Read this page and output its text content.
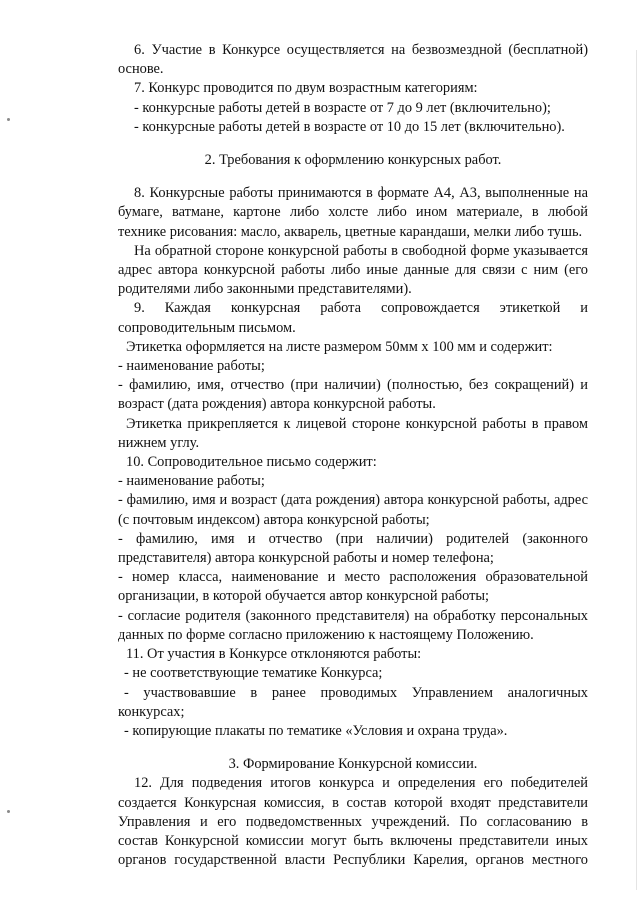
6. Участие в Конкурсе осуществляется на безвозмездной (бесплатной) основе.

7. Конкурс проводится по двум возрастным категориям:

- конкурсные работы детей в возрасте от 7 до 9 лет (включительно);

- конкурсные работы детей в возрасте от 10 до 15 лет (включительно).

2. Требования к оформлению конкурсных работ.

8. Конкурсные работы принимаются в формате А4, А3, выполненные на бумаге, ватмане, картоне либо холсте либо ином материале, в любой технике рисования: масло, акварель, цветные карандаши, мелки либо тушь.

На обратной стороне конкурсной работы в свободной форме указывается адрес автора конкурсной работы либо иные данные для связи с ним (его родителями либо законными представителями).

9. Каждая конкурсная работа сопровождается этикеткой и сопроводительным письмом.

Этикетка оформляется на листе размером 50мм х 100 мм и содержит:

- наименование работы;

- фамилию, имя, отчество (при наличии) (полностью, без сокращений) и возраст (дата рождения) автора конкурсной работы.

Этикетка прикрепляется к лицевой стороне конкурсной работы в правом нижнем углу.

10. Сопроводительное письмо содержит:

- наименование работы;

- фамилию, имя и возраст (дата рождения) автора конкурсной работы, адрес (с почтовым индексом) автора конкурсной работы;

- фамилию, имя и отчество (при наличии) родителей (законного представителя) автора конкурсной работы и номер телефона;

- номер класса, наименование и место расположения образовательной организации, в которой обучается автор конкурсной работы;

- согласие родителя (законного представителя) на обработку персональных данных по форме согласно приложению к настоящему Положению.

11. От участия в Конкурсе отклоняются работы:

- не соответствующие тематике Конкурса;

- участвовавшие в ранее проводимых Управлением аналогичных конкурсах;

- копирующие плакаты по тематике «Условия и охрана труда».

3. Формирование Конкурсной комиссии.

12. Для подведения итогов конкурса и определения его победителей создается Конкурсная комиссия, в состав которой входят представители Управления и его подведомственных учреждений. По согласованию в состав Конкурсной комиссии могут быть включены представители иных органов государственной власти Республики Карелия, органов местного
